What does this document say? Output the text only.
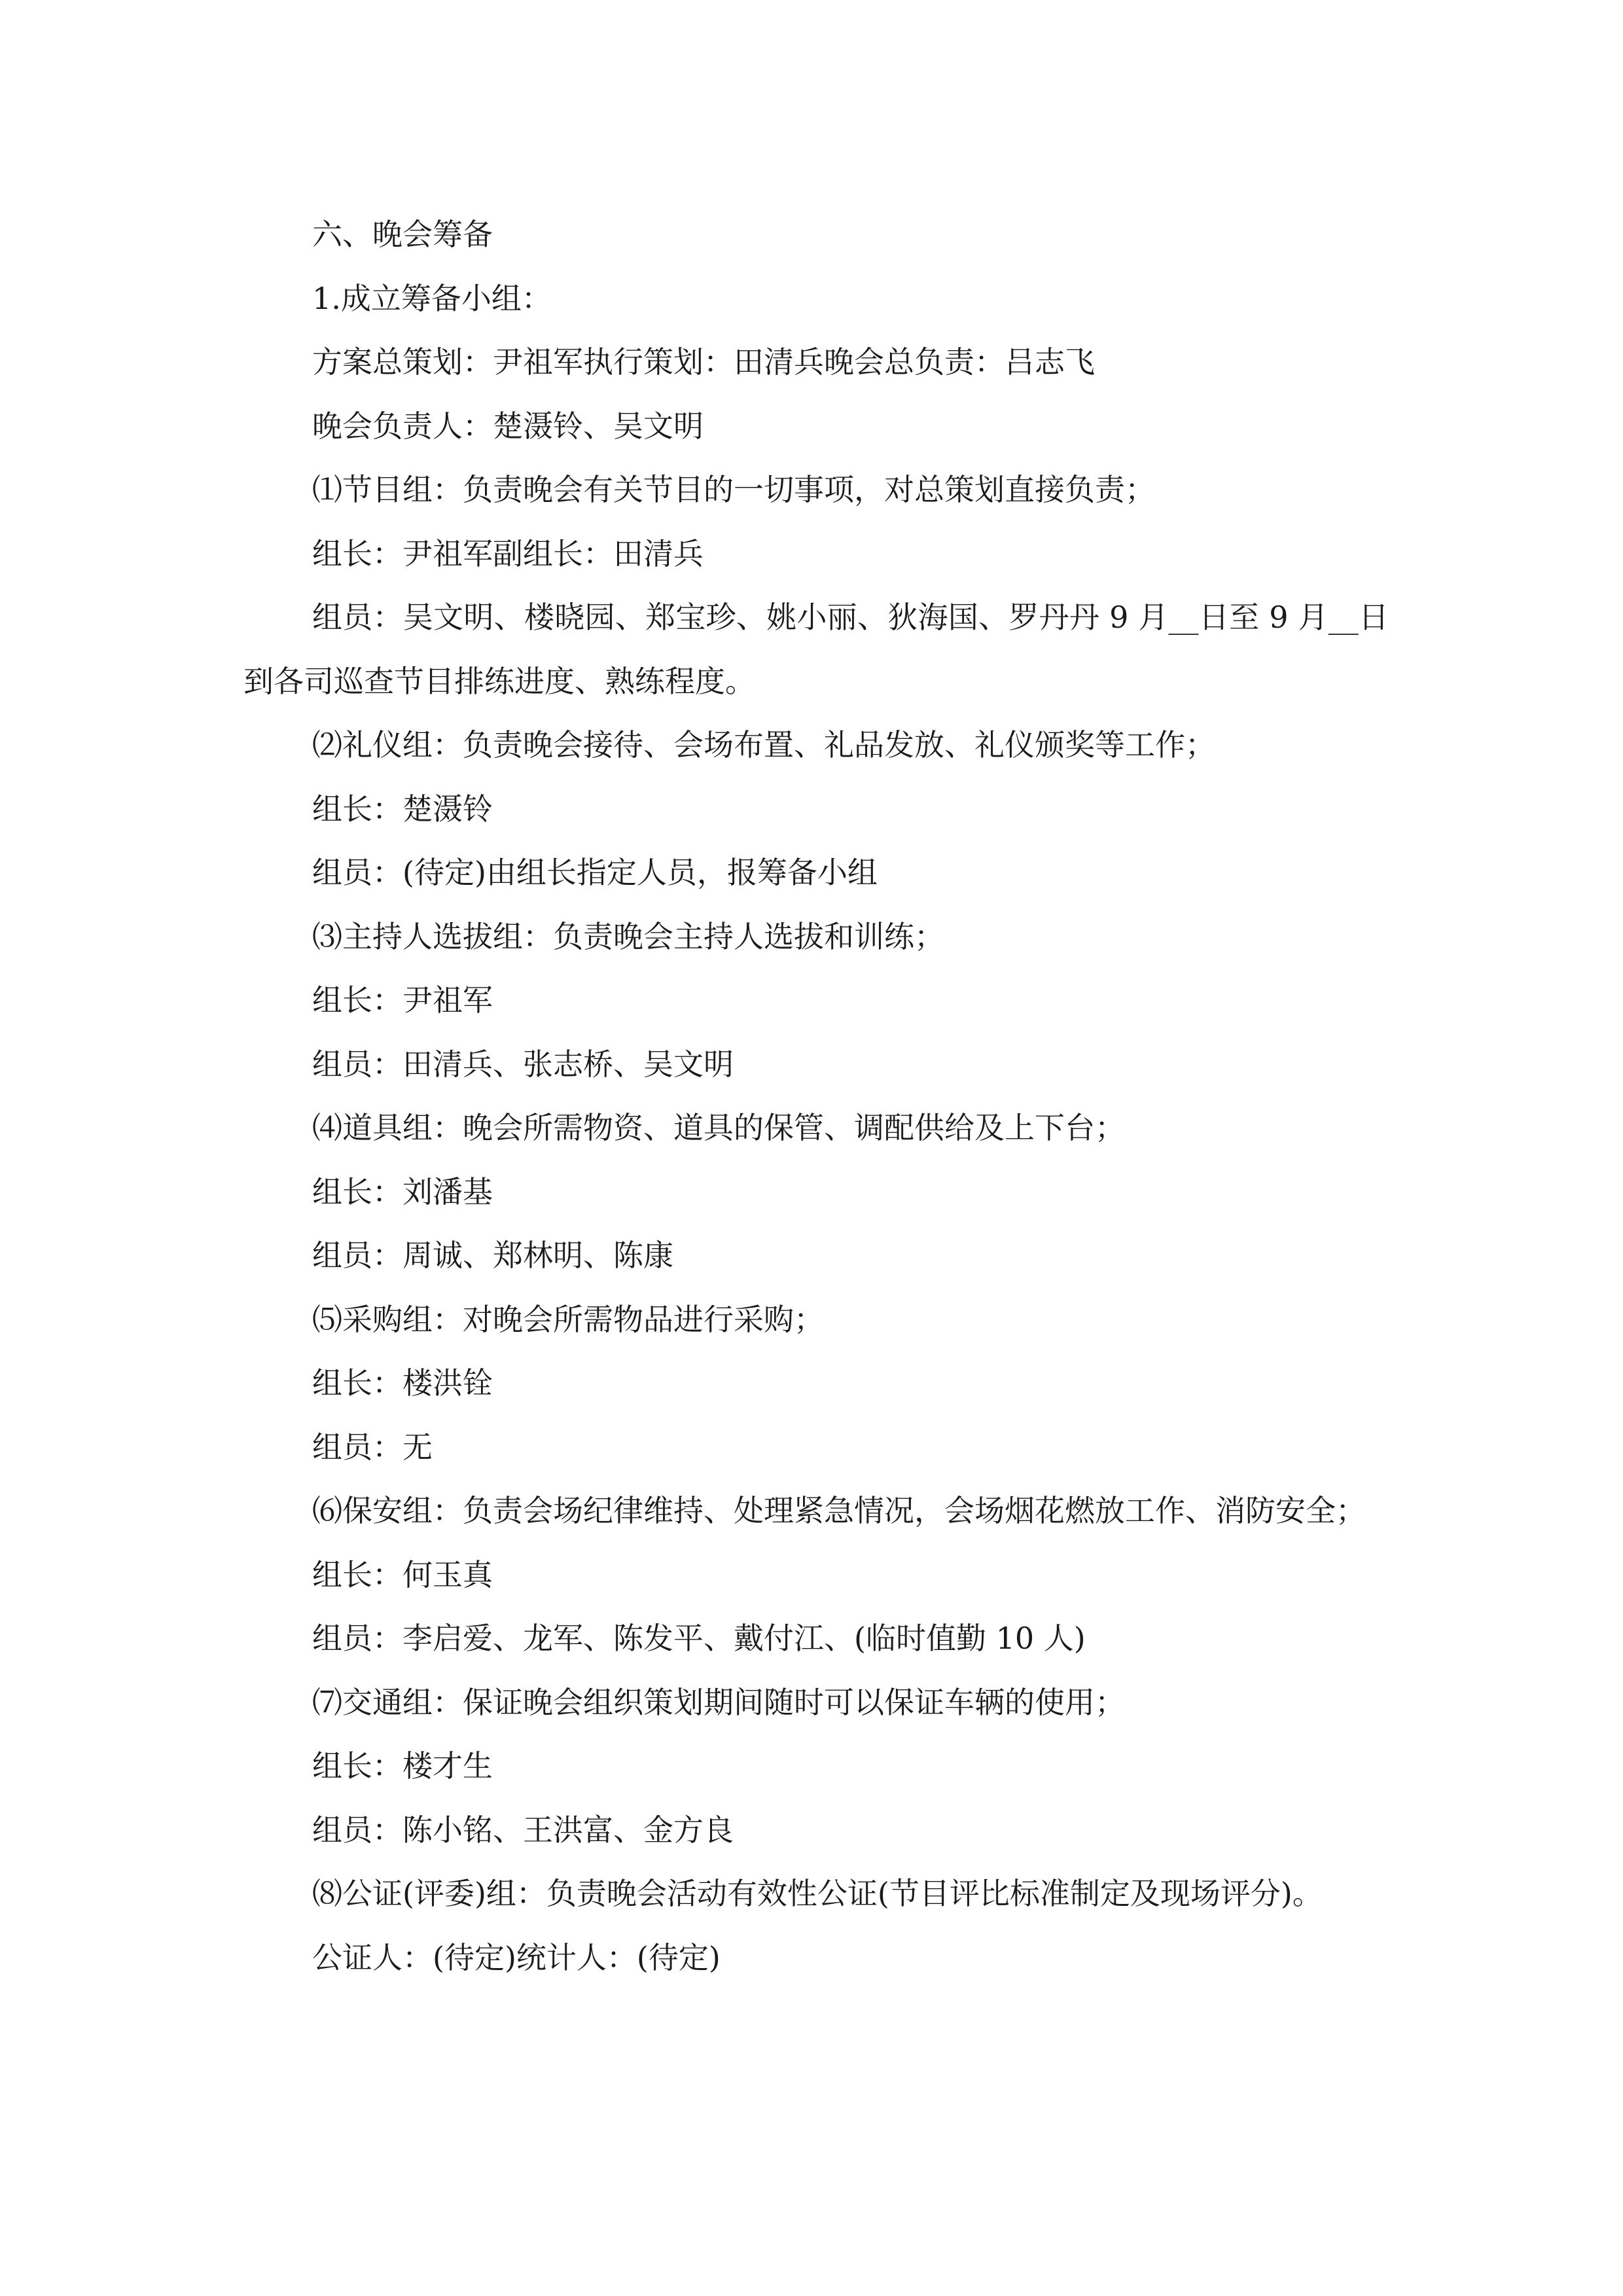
六、晚会筹备

1.成立筹备小组：

方案总策划：尹祖军执行策划：田清兵晚会总负责：吕志飞

晚会负责人：楚滠铃、吴文明

⑴节目组：负责晚会有关节目的一切事项，对总策划直接负责；

组长：尹祖军副组长：田清兵

组员：吴文明、楼晓园、郑宝珍、姚小丽、狄海国、罗丹丹 9 月__日至 9 月__日到各司巡查节目排练进度、熟练程度。

⑵礼仪组：负责晚会接待、会场布置、礼品发放、礼仪颁奖等工作；

组长：楚滠铃

组员：(待定)由组长指定人员，报筹备小组

⑶主持人选拔组：负责晚会主持人选拔和训练；

组长：尹祖军

组员：田清兵、张志桥、吴文明

⑷道具组：晚会所需物资、道具的保管、调配供给及上下台；

组长：刘潘基

组员：周诚、郑林明、陈康

⑸采购组：对晚会所需物品进行采购；

组长：楼洪铨

组员：无

⑹保安组：负责会场纪律维持、处理紧急情况，会场烟花燃放工作、消防安全；

组长：何玉真

组员：李启爱、龙军、陈发平、戴付江、(临时值勤 10 人)

⑺交通组：保证晚会组织策划期间随时可以保证车辆的使用；

组长：楼才生

组员：陈小铭、王洪富、金方良

⑻公证(评委)组：负责晚会活动有效性公证(节目评比标准制定及现场评分)。

公证人：(待定)统计人：(待定)
